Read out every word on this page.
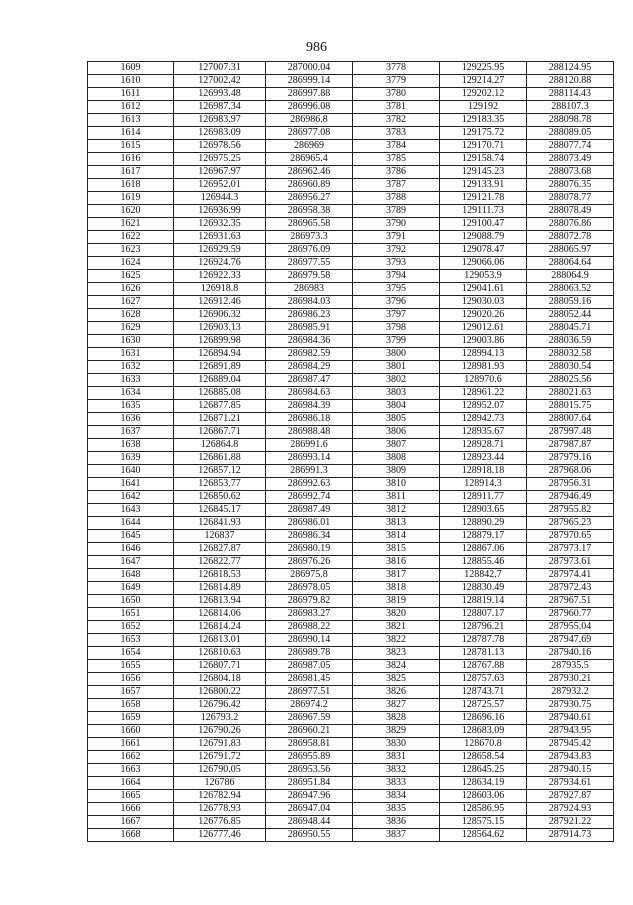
986
1609	127007.31	287000.04	3778	129225.95	288124.95
1610	127002.42	286999.14	3779	129214.27	288120.88
1611	126993.48	286997.88	3780	129202.12	288114.43
1612	126987.34	286996.08	3781	129192	288107.3
1613	126983.97	286986.8	3782	129183.35	288098.78
1614	126983.09	286977.08	3783	129175.72	288089.05
1615	126978.56	286969	3784	129170.71	288077.74
1616	126975.25	286965.4	3785	129158.74	288073.49
1617	126967.97	286962.46	3786	129145.23	288073.68
1618	126952.01	286960.89	3787	129133.91	288076.35
1619	126944.3	286956.27	3788	129121.78	288078.77
1620	126936.99	286958.38	3789	129111.73	288078.49
1621	126932.35	286965.58	3790	129100.47	288076.86
1622	126931.63	286973.3	3791	129088.79	288072.78
1623	126929.59	286976.09	3792	129078.47	288065.97
1624	126924.76	286977.55	3793	129066.06	288064.64
1625	126922.33	286979.58	3794	129053.9	288064.9
1626	126918.8	286983	3795	129041.61	288063.52
1627	126912.46	286984.03	3796	129030.03	288059.16
1628	126906.32	286986.23	3797	129020.26	288052.44
1629	126903.13	286985.91	3798	129012.61	288045.71
1630	126899.98	286984.36	3799	129003.86	288036.59
1631	126894.94	286982.59	3800	128994.13	288032.58
1632	126891.89	286984.29	3801	128981.93	288030.54
1633	126889.04	286987.47	3802	128970.6	288025.56
1634	126885.08	286984.63	3803	128961.22	288021.63
1635	126877.85	286984.39	3804	128952.07	288015.75
1636	126871.21	286986.18	3805	128942.73	288007.64
1637	126867.71	286988.48	3806	128935.67	287997.48
1638	126864.8	286991.6	3807	128928.71	287987.87
1639	126861.88	286993.14	3808	128923.44	287979.16
1640	126857.12	286991.3	3809	128918.18	287968.06
1641	126853.77	286992.63	3810	128914.3	287956.31
1642	126850.62	286992.74	3811	128911.77	287946.49
1643	126845.17	286987.49	3812	128903.65	287955.82
1644	126841.93	286986.01	3813	128890.29	287965.23
1645	126837	286986.34	3814	128879.17	287970.65
1646	126827.87	286980.19	3815	128867.06	287973.17
1647	126822.77	286976.26	3816	128855.46	287973.61
1648	126818.53	286975.8	3817	128842.7	287974.41
1649	126814.89	286978.05	3818	128830.49	287972.43
1650	126813.94	286979.82	3819	128819.14	287967.51
1651	126814.06	286983.27	3820	128807.17	287960.77
1652	126814.24	286988.22	3821	128796.21	287955.04
1653	126813.01	286990.14	3822	128787.78	287947.69
1654	126810.63	286989.78	3823	128781.13	287940.16
1655	126807.71	286987.05	3824	128767.88	287935.5
1656	126804.18	286981.45	3825	128757.63	287930.21
1657	126800.22	286977.51	3826	128743.71	287932.2
1658	126796.42	286974.2	3827	128725.57	287930.75
1659	126793.2	286967.59	3828	128696.16	287940.61
1660	126790.26	286960.21	3829	128683.09	287943.95
1661	126791.83	286958.81	3830	128670.8	287945.42
1662	126791.72	286955.89	3831	128658.54	287943.83
1663	126790.05	286953.56	3832	128645.25	287940.15
1664	126786	286951.84	3833	128634.19	287934.61
1665	126782.94	286947.96	3834	128603.06	287927.87
1666	126778.93	286947.04	3835	128586.95	287924.93
1667	126776.85	286948.44	3836	128575.15	287921.22
1668	126777.46	286950.55	3837	128564.62	287914.73
